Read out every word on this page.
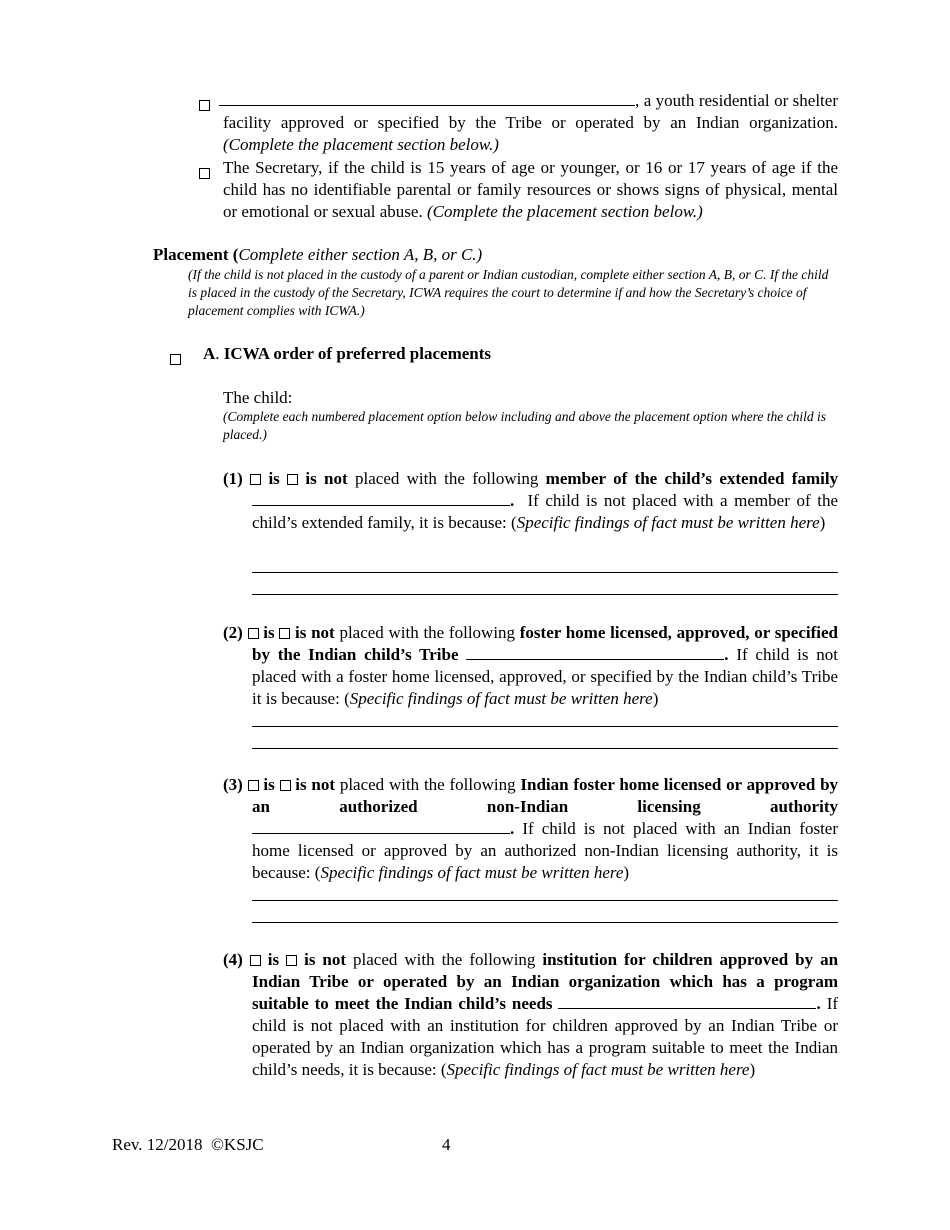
, a youth residential or shelter facility approved or specified by the Tribe or operated by an Indian organization. (Complete the placement section below.)
The Secretary, if the child is 15 years of age or younger, or 16 or 17 years of age if the child has no identifiable parental or family resources or shows signs of physical, mental or emotional or sexual abuse. (Complete the placement section below.)
Placement (Complete either section A, B, or C.)
(If the child is not placed in the custody of a parent or Indian custodian, complete either section A, B, or C. If the child is placed in the custody of the Secretary, ICWA requires the court to determine if and how the Secretary’s choice of placement complies with ICWA.)
A. ICWA order of preferred placements
The child:
(Complete each numbered placement option below including and above the placement option where the child is placed.)
(1) is is not placed with the following member of the child’s extended family . If child is not placed with a member of the child’s extended family, it is because: (Specific findings of fact must be written here)
(2) is is not placed with the following foster home licensed, approved, or specified by the Indian child’s Tribe	. If child is not placed with a foster home licensed, approved, or specified by the Indian child’s Tribe it is because: (Specific findings of fact must be written here)
(3) is is not placed with the following Indian foster home licensed or approved by an authorized non-Indian licensing authority . If child is not placed with an Indian foster home licensed or approved by an authorized non-Indian licensing authority, it is because: (Specific findings of fact must be written here)
(4) is is not placed with the following institution for children approved by an Indian Tribe or operated by an Indian organization which has a program suitable to meet the Indian child’s needs	. If child is not placed with an institution for children approved by an Indian Tribe or operated by an Indian organization which has a program suitable to meet the Indian child’s needs, it is because: (Specific findings of fact must be written here)
Rev. 12/2018 ©KSJC	4
